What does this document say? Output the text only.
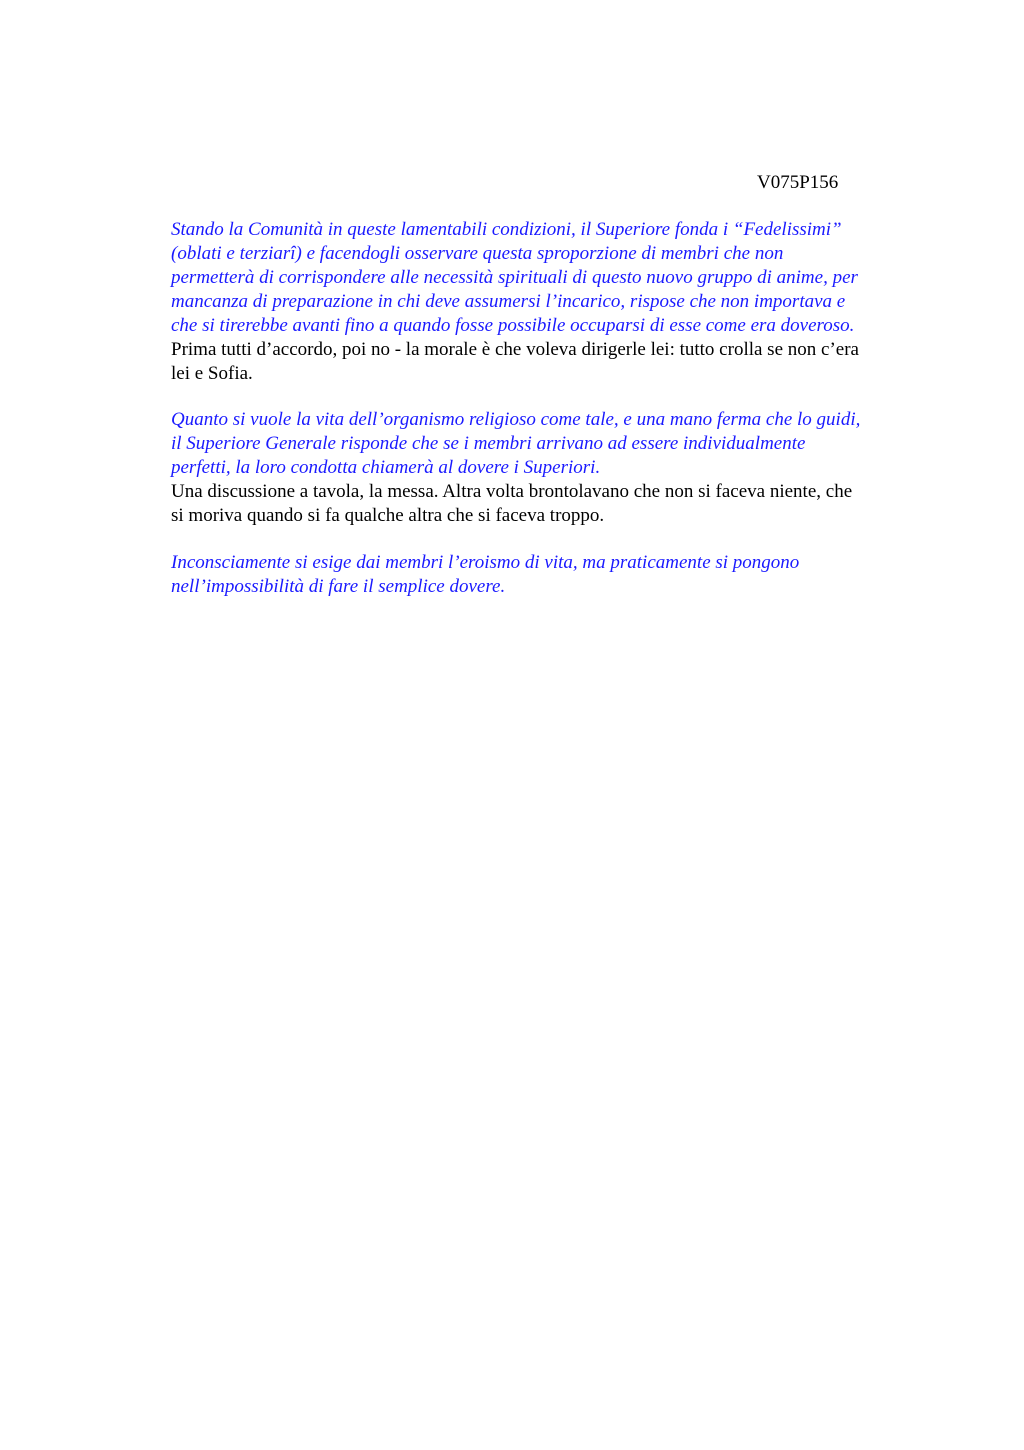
V075P156
Stando la Comunità in queste lamentabili condizioni, il Superiore fonda i “Fedelissimi”
(oblati e terziarî) e facendogli osservare questa sproporzione di membri che non
permetterà di corrispondere alle necessità spirituali di questo nuovo gruppo di anime, per
mancanza di preparazione in chi deve assumersi l’incarico, rispose che non importava e
che si tirerebbe avanti fino a quando fosse possibile occuparsi di esse come era doveroso.
Prima tutti d’accordo, poi no - la morale è che voleva dirigerle lei: tutto crolla se non c’era
lei e Sofia.
Quanto si vuole la vita dell’organismo religioso come tale, e una mano ferma che lo guidi,
il Superiore Generale risponde che se i membri arrivano ad essere individualmente
perfetti, la loro condotta chiamerà al dovere i Superiori.
Una discussione a tavola, la messa. Altra volta brontolavano che non si faceva niente, che
si moriva quando si fa qualche altra che si faceva troppo.
Inconsciamente si esige dai membri l’eroismo di vita, ma praticamente si pongono
nell’impossibilità di fare il semplice dovere.
